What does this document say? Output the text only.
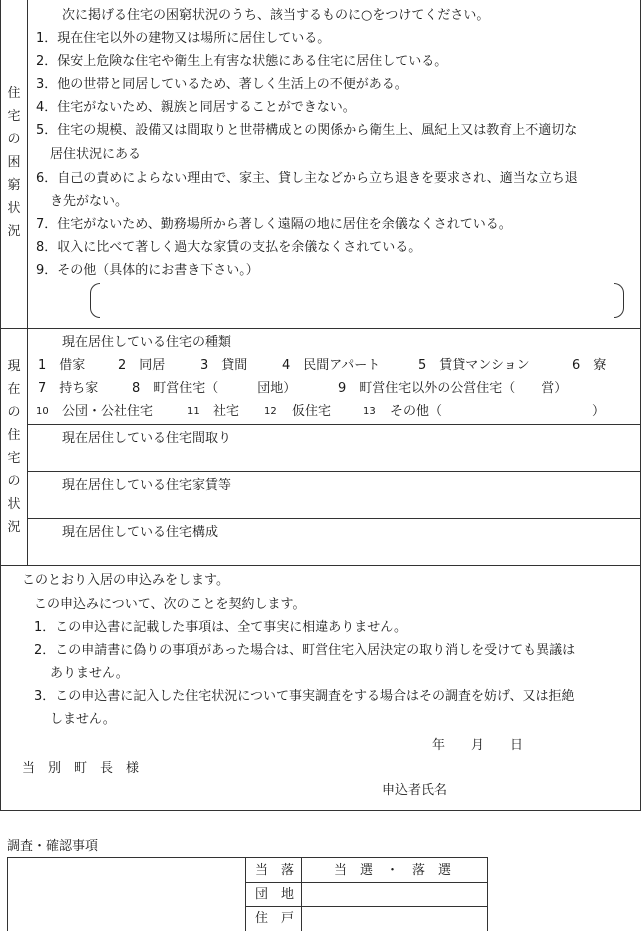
住
宅
の
困
窮
状
況
次に掲げる住宅の困窮状況のうち、該当するものに○をつけてください。
1．現在住宅以外の建物又は場所に居住している。
2．保安上危険な住宅や衛生上有害な状態にある住宅に居住している。
3．他の世帯と同居しているため、著しく生活上の不便がある。
4．住宅がないため、親族と同居することができない。
5．住宅の規模、設備又は間取りと世帯構成との関係から衛生上、風紀上又は教育上不適切な
居住状況にある
6．自己の責めによらない理由で、家主、貸し主などから立ち退きを要求され、適当な立ち退
き先がない。
7．住宅がないため、勤務場所から著しく遠隔の地に居住を余儀なくされている。
8．収入に比べて著しく過大な家賃の支払を余儀なくされている。
9．その他（具体的にお書き下さい。）
現
在
の
住
宅
の
状
況
現在居住している住宅の種類
1　借家	2　同居	3　貸間	4　民間アパート	5　賃貸マンション	6　寮
7　持ち家	8　町営住宅（　　　団地）	9　町営住宅以外の公営住宅（　　営）
10 公団・公社住宅	11 社宅 12 仮住宅	13 その他（	）
現在居住している住宅間取り
現在居住している住宅家賃等
現在居住している住宅構成
このとおり入居の申込みをします。
この申込みについて、次のことを契約します。
1．この申込書に記載した事項は、全て事実に相違ありません。
2．この申請書に偽りの事項があった場合は、町営住宅入居決定の取り消しを受けても異議は
ありません。
3．この申込書に記入した住宅状況について事実調査をする場合はその調査を妨げ、又は拒絶
しません。
年　　月　　日
当　別　町　長　様
申込者氏名
調査・確認事項
当　落	当　選　・　落　選
団　地
住　戸
